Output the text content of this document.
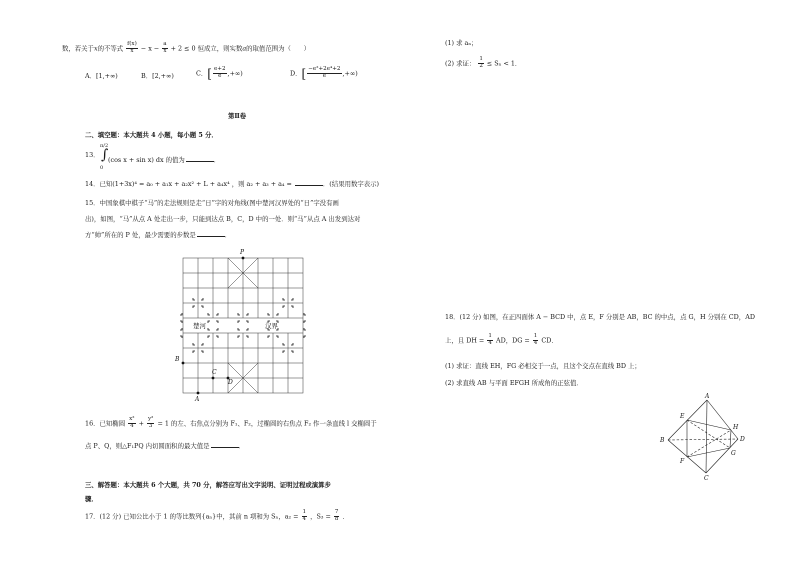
数，若关于x的不等式 $\frac{f(x)}{x} - x - \frac{a}{x} + 2 \le 0$ 恒成立，则实数a的取值范围为（　　）
A．[1,+∞)	B．[2,+∞)	C．[ $\frac{e+2}{e}$ ,+∞)	D．[ $\frac{\text{−e²+2e⁴+2}}{e}$ ,+∞)
第Ⅱ卷
二、填空题：本大题共 4 小题，每小题 5 分．
13．
π/2
∫
0
(cos x + sin x) dx 的值为	．
14．已知(1+3x)⁴ = a₀ + a₁x + a₂x² + L + a₄x⁴ ，则 a₂ + a₃ + a₄ =	．(结果用数字表示)
15．中国象棋中棋子“马”的走法规则是走“日”字的对角线(图中楚河汉界处的“日”字没有画
出)，如图，“马”从点 A 处走出一步，只能到达点 B，C，D 中的一处．则“马”从点 A 出发到达对
方“帅”所在的 P 处，最少需要的步数是	．
楚河	汉界
P
B
C
D
A
16．已知椭圆 $\frac{\text{x²}}{4} + \frac{\text{y²}}{3} = 1$ 的左、右焦点分别为 F₁、F₂，过椭圆的右焦点 F₂ 作一条直线 l 交椭圆于
点 P、Q，则△F₁PQ 内切圆面积的最大值是	．
三、解答题：本大题共 6 个大题，共 70 分，解答应写出文字说明、证明过程或演算步
骤．
17．(12 分) 已知公比小于 1 的等比数列{aₙ}中，其前 n 项和为 Sₙ，$a_2 = \frac{1}{4}$ ，$S_3 = \frac{7}{8}$ ．
(1) 求 aₙ；
(2) 求证： $\frac{1}{2} \le S_n < 1$．
18．(12 分) 如图，在正四面体 A − BCD 中，点 E，F 分别是 AB，BC 的中点，点 G，H 分别在 CD，AD
上，且 DH = $\frac{1}{4}$ AD，DG = $\frac{1}{4}$ CD．
(1) 求证：直线 EH，FG 必相交于一点，且这个交点在直线 BD 上；
(2) 求直线 AB 与平面 EFGH 所成角的正弦值．
A
B
C
D
E
F
G
H
